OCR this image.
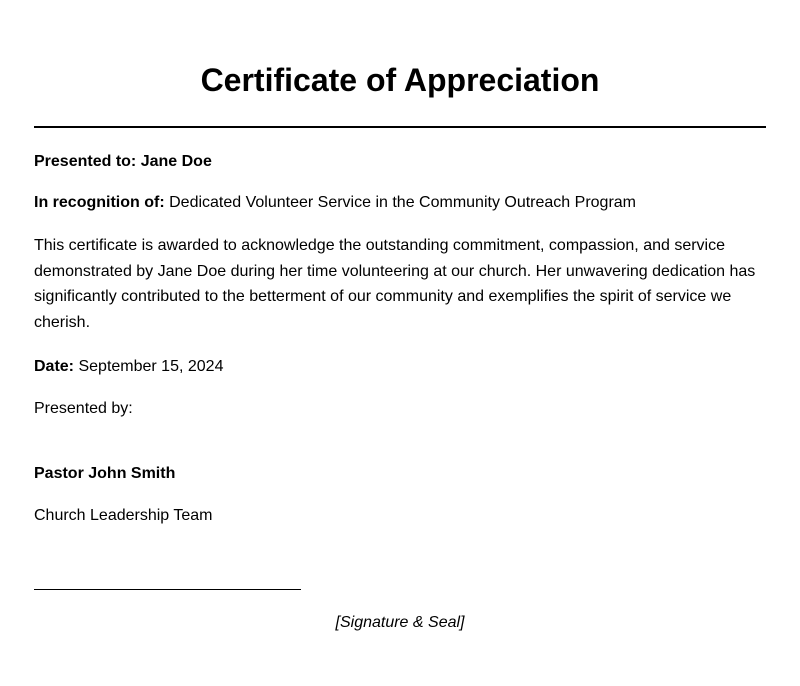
Certificate of Appreciation

Presented to: Jane Doe

In recognition of: Dedicated Volunteer Service in the Community Outreach Program

This certificate is awarded to acknowledge the outstanding commitment, compassion, and service demonstrated by Jane Doe during her time volunteering at our church. Her unwavering dedication has significantly contributed to the betterment of our community and exemplifies the spirit of service we cherish.

Date: September 15, 2024

Presented by:

Pastor John Smith

Church Leadership Team

[Signature & Seal]
